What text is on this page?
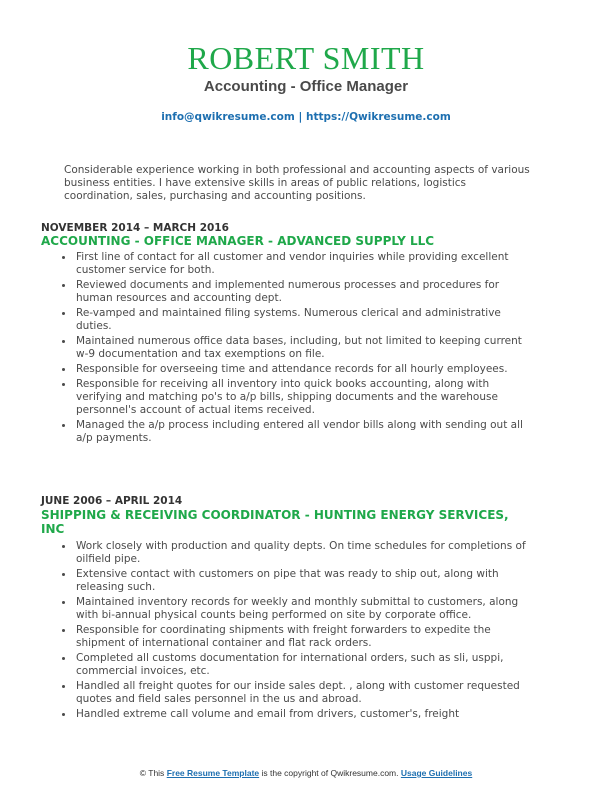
ROBERT SMITH
Accounting - Office Manager
info@qwikresume.com | https://Qwikresume.com
Considerable experience working in both professional and accounting aspects of various business entities. I have extensive skills in areas of public relations, logistics coordination, sales, purchasing and accounting positions.
NOVEMBER 2014 – MARCH 2016
ACCOUNTING - OFFICE MANAGER - ADVANCED SUPPLY LLC
First line of contact for all customer and vendor inquiries while providing excellent customer service for both.
Reviewed documents and implemented numerous processes and procedures for human resources and accounting dept.
Re-vamped and maintained filing systems. Numerous clerical and administrative duties.
Maintained numerous office data bases, including, but not limited to keeping current w-9 documentation and tax exemptions on file.
Responsible for overseeing time and attendance records for all hourly employees.
Responsible for receiving all inventory into quick books accounting, along with verifying and matching po's to a/p bills, shipping documents and the warehouse personnel's account of actual items received.
Managed the a/p process including entered all vendor bills along with sending out all a/p payments.
JUNE 2006 – APRIL 2014
SHIPPING & RECEIVING COORDINATOR - HUNTING ENERGY SERVICES, INC
Work closely with production and quality depts. On time schedules for completions of oilfield pipe.
Extensive contact with customers on pipe that was ready to ship out, along with releasing such.
Maintained inventory records for weekly and monthly submittal to customers, along with bi-annual physical counts being performed on site by corporate office.
Responsible for coordinating shipments with freight forwarders to expedite the shipment of international container and flat rack orders.
Completed all customs documentation for international orders, such as sli, usppi, commercial invoices, etc.
Handled all freight quotes for our inside sales dept. , along with customer requested quotes and field sales personnel in the us and abroad.
Handled extreme call volume and email from drivers, customer's, freight
© This Free Resume Template is the copyright of Qwikresume.com. Usage Guidelines
